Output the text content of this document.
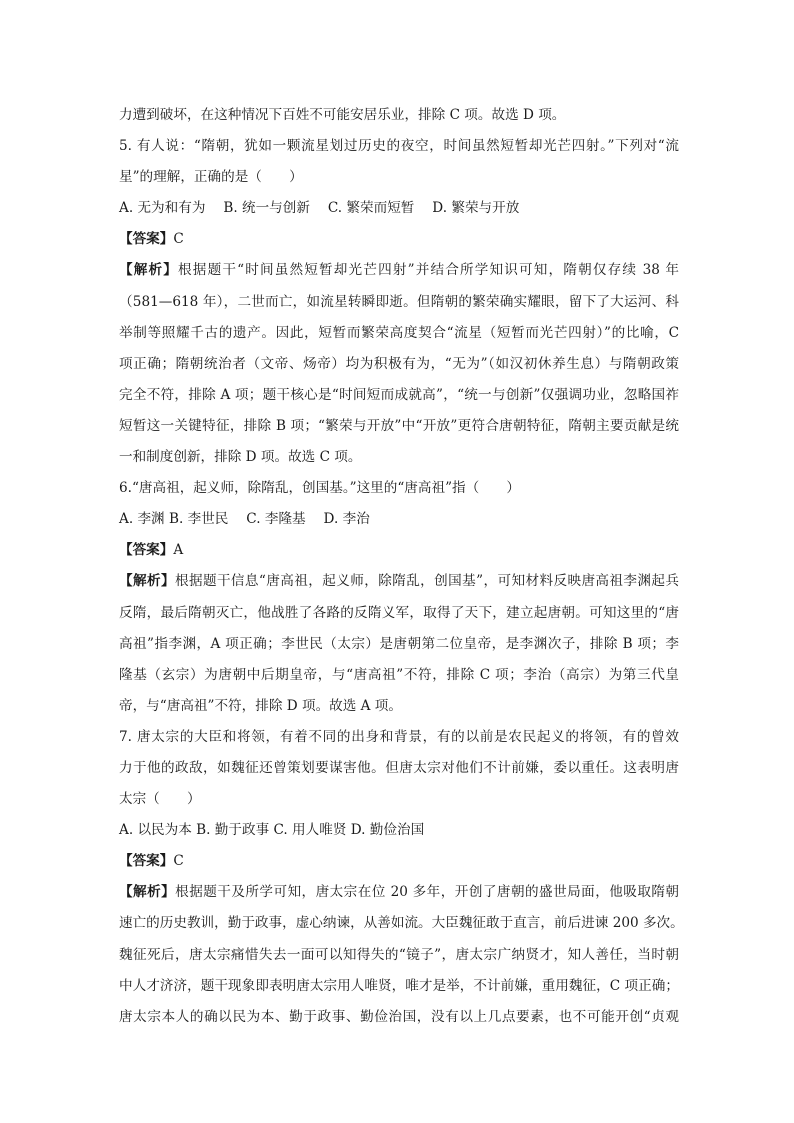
力遭到破坏，在这种情况下百姓不可能安居乐业，排除 C 项。故选 D 项。
5. 有人说：“隋朝，犹如一颗流星划过历史的夜空，时间虽然短暂却光芒四射。”下列对“流
星”的理解，正确的是（　　）
A. 无为和有为　 B. 统一与创新　 C. 繁荣而短暂　 D. 繁荣与开放
【答案】C
【解析】根据题干“时间虽然短暂却光芒四射”并结合所学知识可知，隋朝仅存续 38 年
（581—618 年），二世而亡，如流星转瞬即逝。但隋朝的繁荣确实耀眼，留下了大运河、科
举制等照耀千古的遗产。因此，短暂而繁荣高度契合“流星（短暂而光芒四射）”的比喻，C
项正确；隋朝统治者（文帝、炀帝）均为积极有为，“无为”（如汉初休养生息）与隋朝政策
完全不符，排除 A 项；题干核心是“时间短而成就高”，“统一与创新”仅强调功业，忽略国祚
短暂这一关键特征，排除 B 项；“繁荣与开放”中“开放”更符合唐朝特征，隋朝主要贡献是统
一和制度创新，排除 D 项。故选 C 项。
6.“唐高祖，起义师，除隋乱，创国基。”这里的“唐高祖”指（　　）
A. 李渊 B. 李世民　 C. 李隆基　 D. 李治
【答案】A
【解析】根据题干信息“唐高祖，起义师，除隋乱，创国基”，可知材料反映唐高祖李渊起兵
反隋，最后隋朝灭亡，他战胜了各路的反隋义军，取得了天下，建立起唐朝。可知这里的“唐
高祖”指李渊，A 项正确；李世民（太宗）是唐朝第二位皇帝，是李渊次子，排除 B 项；李
隆基（玄宗）为唐朝中后期皇帝，与“唐高祖”不符，排除 C 项；李治（高宗）为第三代皇
帝，与“唐高祖”不符，排除 D 项。故选 A 项。
7. 唐太宗的大臣和将领，有着不同的出身和背景，有的以前是农民起义的将领，有的曾效
力于他的政敌，如魏征还曾策划要谋害他。但唐太宗对他们不计前嫌，委以重任。这表明唐
太宗（　　）
A. 以民为本 B. 勤于政事 C. 用人唯贤 D. 勤俭治国
【答案】C
【解析】根据题干及所学可知，唐太宗在位 20 多年，开创了唐朝的盛世局面，他吸取隋朝
速亡的历史教训，勤于政事，虚心纳谏，从善如流。大臣魏征敢于直言，前后进谏 200 多次。
魏征死后，唐太宗痛惜失去一面可以知得失的“镜子”，唐太宗广纳贤才，知人善任，当时朝
中人才济济，题干现象即表明唐太宗用人唯贤，唯才是举，不计前嫌，重用魏征，C 项正确；
唐太宗本人的确以民为本、勤于政事、勤俭治国，没有以上几点要素，也不可能开创“贞观
